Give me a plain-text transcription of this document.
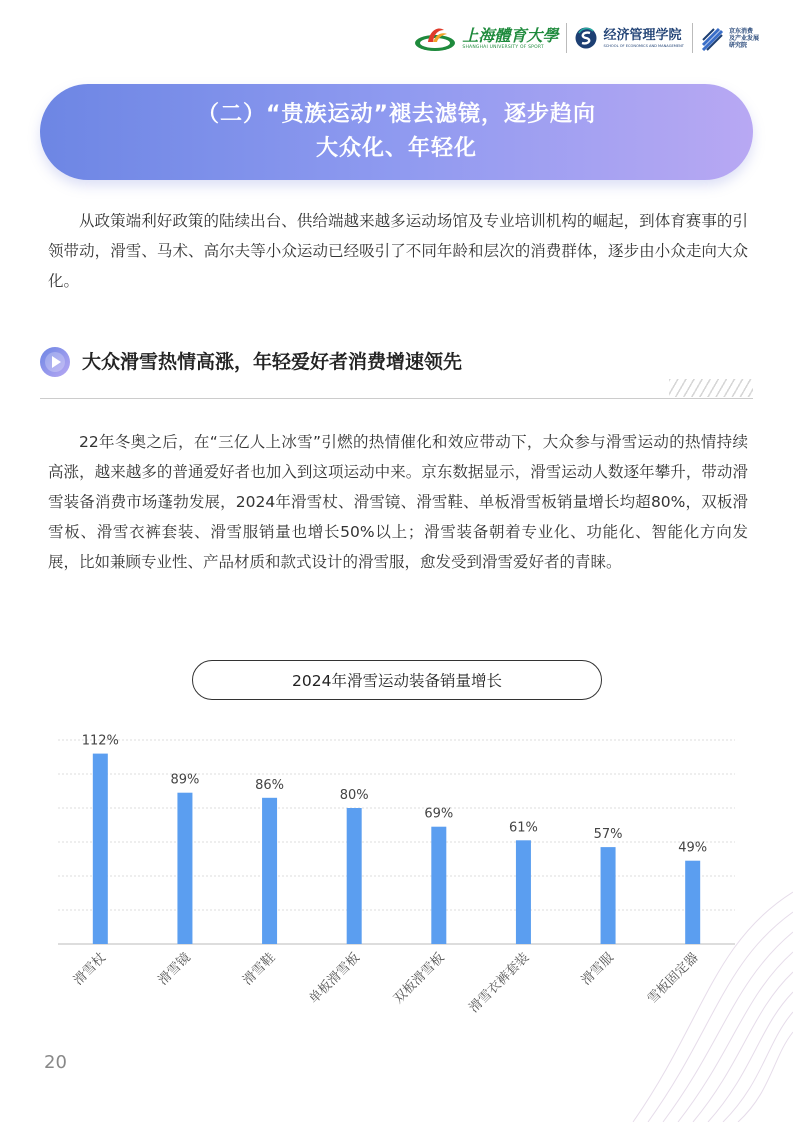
上海體育大學
SHANGHAI UNIVERSITY OF SPORT
经济管理学院
SCHOOL OF ECONOMICS AND MANAGEMENT
京东消费
及产业发展
研究院
（二）“贵族运动”褪去滤镜，逐步趋向
大众化、年轻化

从政策端利好政策的陆续出台、供给端越来越多运动场馆及专业培训机构的崛起，到体育赛事的引领带动，滑雪、马术、高尔夫等小众运动已经吸引了不同年龄和层次的消费群体，逐步由小众走向大众化。

大众滑雪热情高涨，年轻爱好者消费增速领先

22年冬奥之后，在“三亿人上冰雪”引燃的热情催化和效应带动下，大众参与滑雪运动的热情持续高涨，越来越多的普通爱好者也加入到这项运动中来。京东数据显示，滑雪运动人数逐年攀升，带动滑雪装备消费市场蓬勃发展，2024年滑雪杖、滑雪镜、滑雪鞋、单板滑雪板销量增长均超80%，双板滑雪板、滑雪衣裤套装、滑雪服销量也增长50%以上；滑雪装备朝着专业化、功能化、智能化方向发展，比如兼顾专业性、产品材质和款式设计的滑雪服，愈发受到滑雪爱好者的青睐。

2024年滑雪运动装备销量增长
112%
滑雪杖
89%
滑雪镜
86%
滑雪鞋
80%
单板滑雪板
69%
双板滑雪板
61%
滑雪衣裤套装
57%
滑雪服
49%
雪板固定器
20
